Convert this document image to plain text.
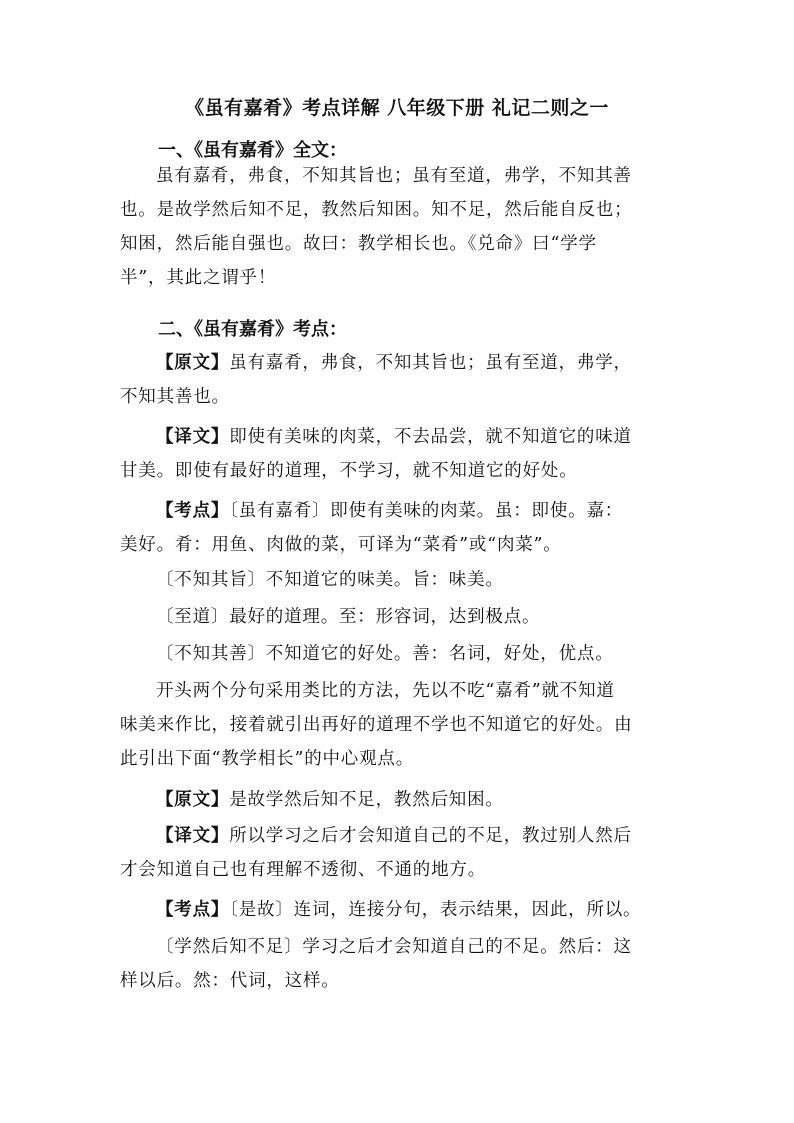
《虽有嘉肴》考点详解 八年级下册 礼记二则之一
一、《虽有嘉肴》全文：

虽有嘉肴，弗食，不知其旨也；虽有至道，弗学，不知其善
也。是故学然后知不足，教然后知困。知不足，然后能自反也；
知困，然后能自强也。故曰：教学相长也。《兑命》曰“学学
半”，其此之谓乎！

二、《虽有嘉肴》考点：

【原文】虽有嘉肴，弗食，不知其旨也；虽有至道，弗学，
不知其善也。

【译文】即使有美味的肉菜，不去品尝，就不知道它的味道
甘美。即使有最好的道理，不学习，就不知道它的好处。

【考点】〔虽有嘉肴〕即使有美味的肉菜。虽：即使。嘉：
美好。肴：用鱼、肉做的菜，可译为“菜肴”或“肉菜”。

〔不知其旨〕不知道它的味美。旨：味美。

〔至道〕最好的道理。至：形容词，达到极点。

〔不知其善〕不知道它的好处。善：名词，好处，优点。

开头两个分句采用类比的方法，先以不吃“嘉肴”就不知道
味美来作比，接着就引出再好的道理不学也不知道它的好处。由
此引出下面“教学相长”的中心观点。

【原文】是故学然后知不足，教然后知困。

【译文】所以学习之后才会知道自己的不足，教过别人然后
才会知道自己也有理解不透彻、不通的地方。

【考点】〔是故〕连词，连接分句，表示结果，因此，所以。

〔学然后知不足〕学习之后才会知道自己的不足。然后：这
样以后。然：代词，这样。
